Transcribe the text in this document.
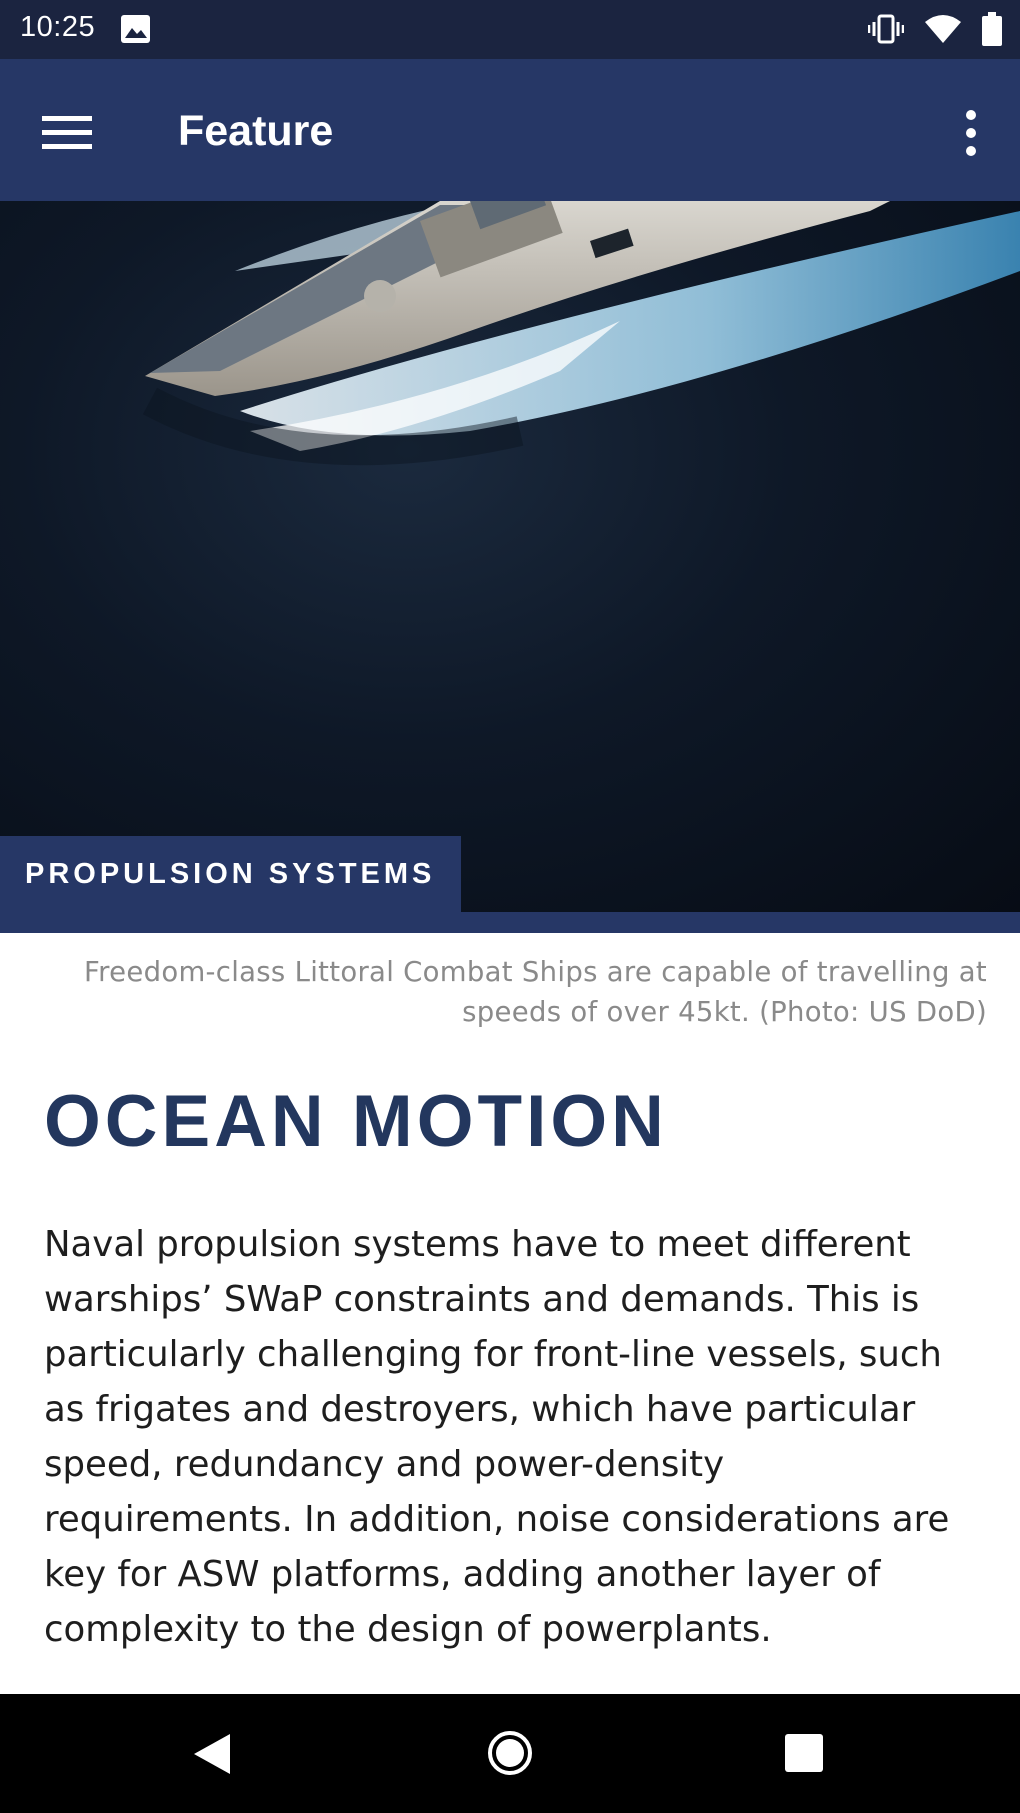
10:25
Feature
PROPULSION SYSTEMS
Freedom-class Littoral Combat Ships are capable of travelling at speeds of over 45kt. (Photo: US DoD)
OCEAN MOTION

Naval propulsion systems have to meet different warships’ SWaP constraints and demands. This is particularly challenging for front-line vessels, such as frigates and destroyers, which have particular speed, redundancy and power-density requirements. In addition, noise considerations are key for ASW platforms, adding another layer of complexity to the design of powerplants.
